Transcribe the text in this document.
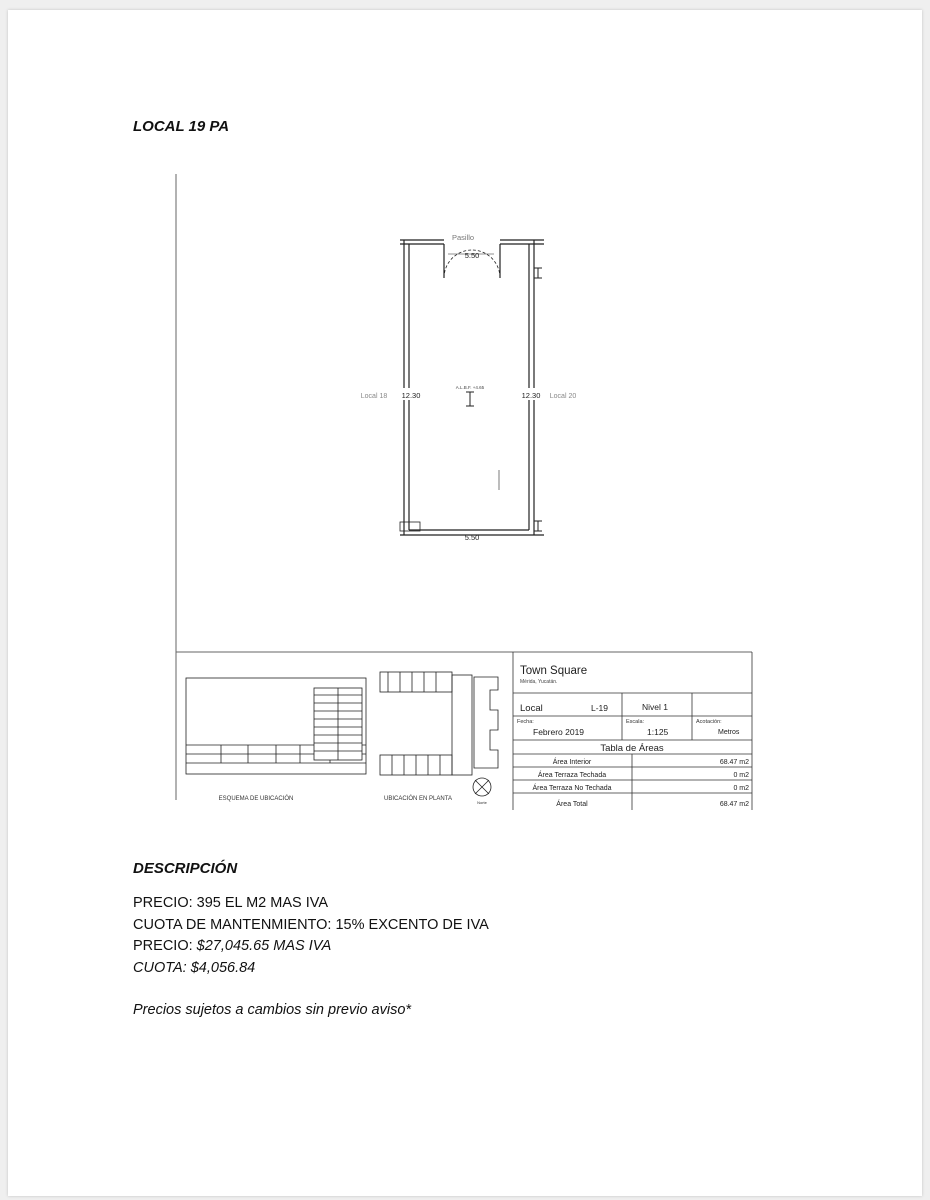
LOCAL 19 PA
Pasillo
5.50
5.50
12.30	12.30
Local 18	Local 20
A.L.B.F. +4.65
ESQUEMA DE UBICACIÓN	UBICACIÓN EN PLANTA
Norte
Town Square
Mérida, Yucatán.
Local	L-19	Nivel 1
Fecha:
Febrero 2019
Escala:
1:125
Acotación:
Metros
Tabla de Áreas
Área Interior	68.47 m2
Área Terraza Techada	0 m2
Área Terraza No Techada	0 m2
Área Total	68.47 m2
DESCRIPCIÓN
PRECIO: 395 EL M2 MAS IVA
CUOTA DE MANTENMIENTO: 15% EXCENTO DE IVA
PRECIO: $27,045.65 MAS IVA
CUOTA: $4,056.84
Precios sujetos a cambios sin previo aviso*
